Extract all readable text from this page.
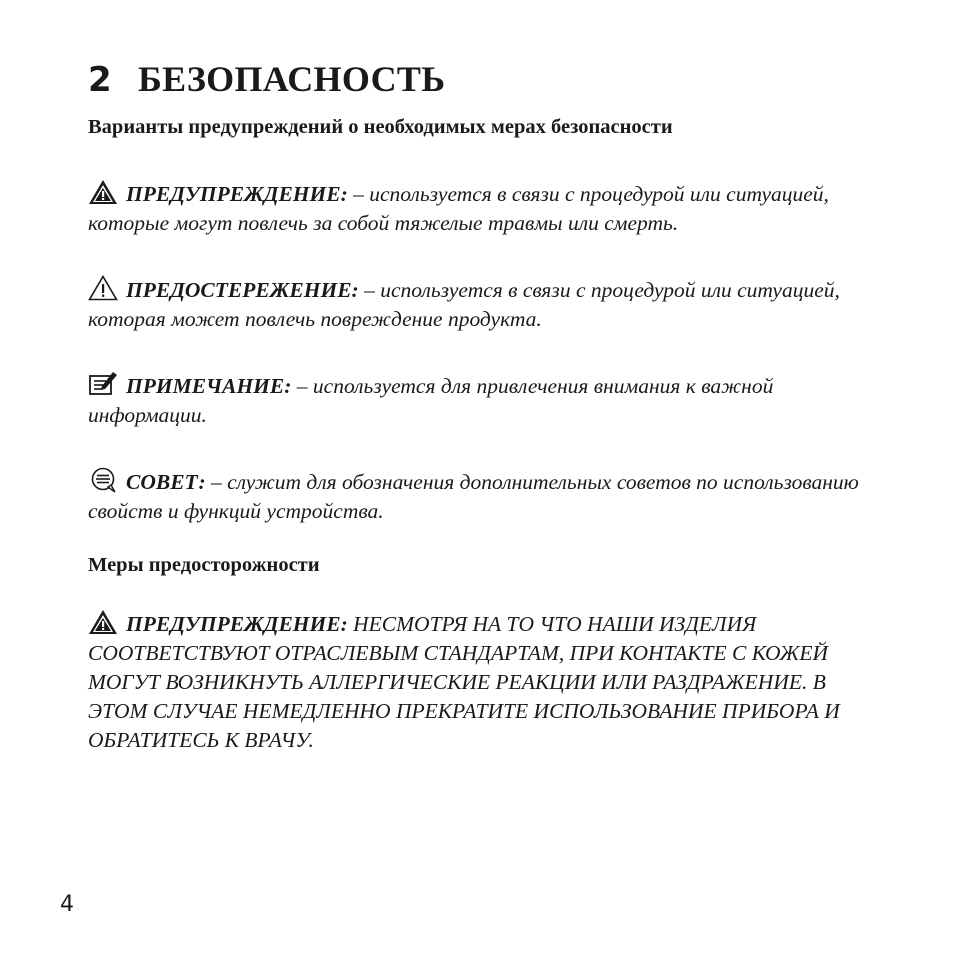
2 БЕЗОПАСНОСТЬ

Варианты предупреждений о необходимых мерах безопасности

ПРЕДУПРЕЖДЕНИЕ: – используется в связи с процедурой или ситуацией, которые могут повлечь за собой тяжелые травмы или смерть.

ПРЕДОСТЕРЕЖЕНИЕ: – используется в связи с процедурой или ситуацией, которая может повлечь повреждение продукта.

ПРИМЕЧАНИЕ: – используется для привлечения внимания к важной информации.

СОВЕТ: – служит для обозначения дополнительных советов по использованию свойств и функций устройства.

Меры предосторожности

ПРЕДУПРЕЖДЕНИЕ: НЕСМОТРЯ НА ТО ЧТО НАШИ ИЗДЕЛИЯ СООТВЕТСТВУЮТ ОТРАСЛЕВЫМ СТАНДАРТАМ, ПРИ КОНТАКТЕ С КОЖЕЙ МОГУТ ВОЗНИКНУТЬ АЛЛЕРГИЧЕСКИЕ РЕАКЦИИ ИЛИ РАЗДРАЖЕНИЕ. В ЭТОМ СЛУЧАЕ НЕМЕДЛЕННО ПРЕКРАТИТЕ ИСПОЛЬЗОВАНИЕ ПРИБОРА И ОБРАТИТЕСЬ К ВРАЧУ.

4
